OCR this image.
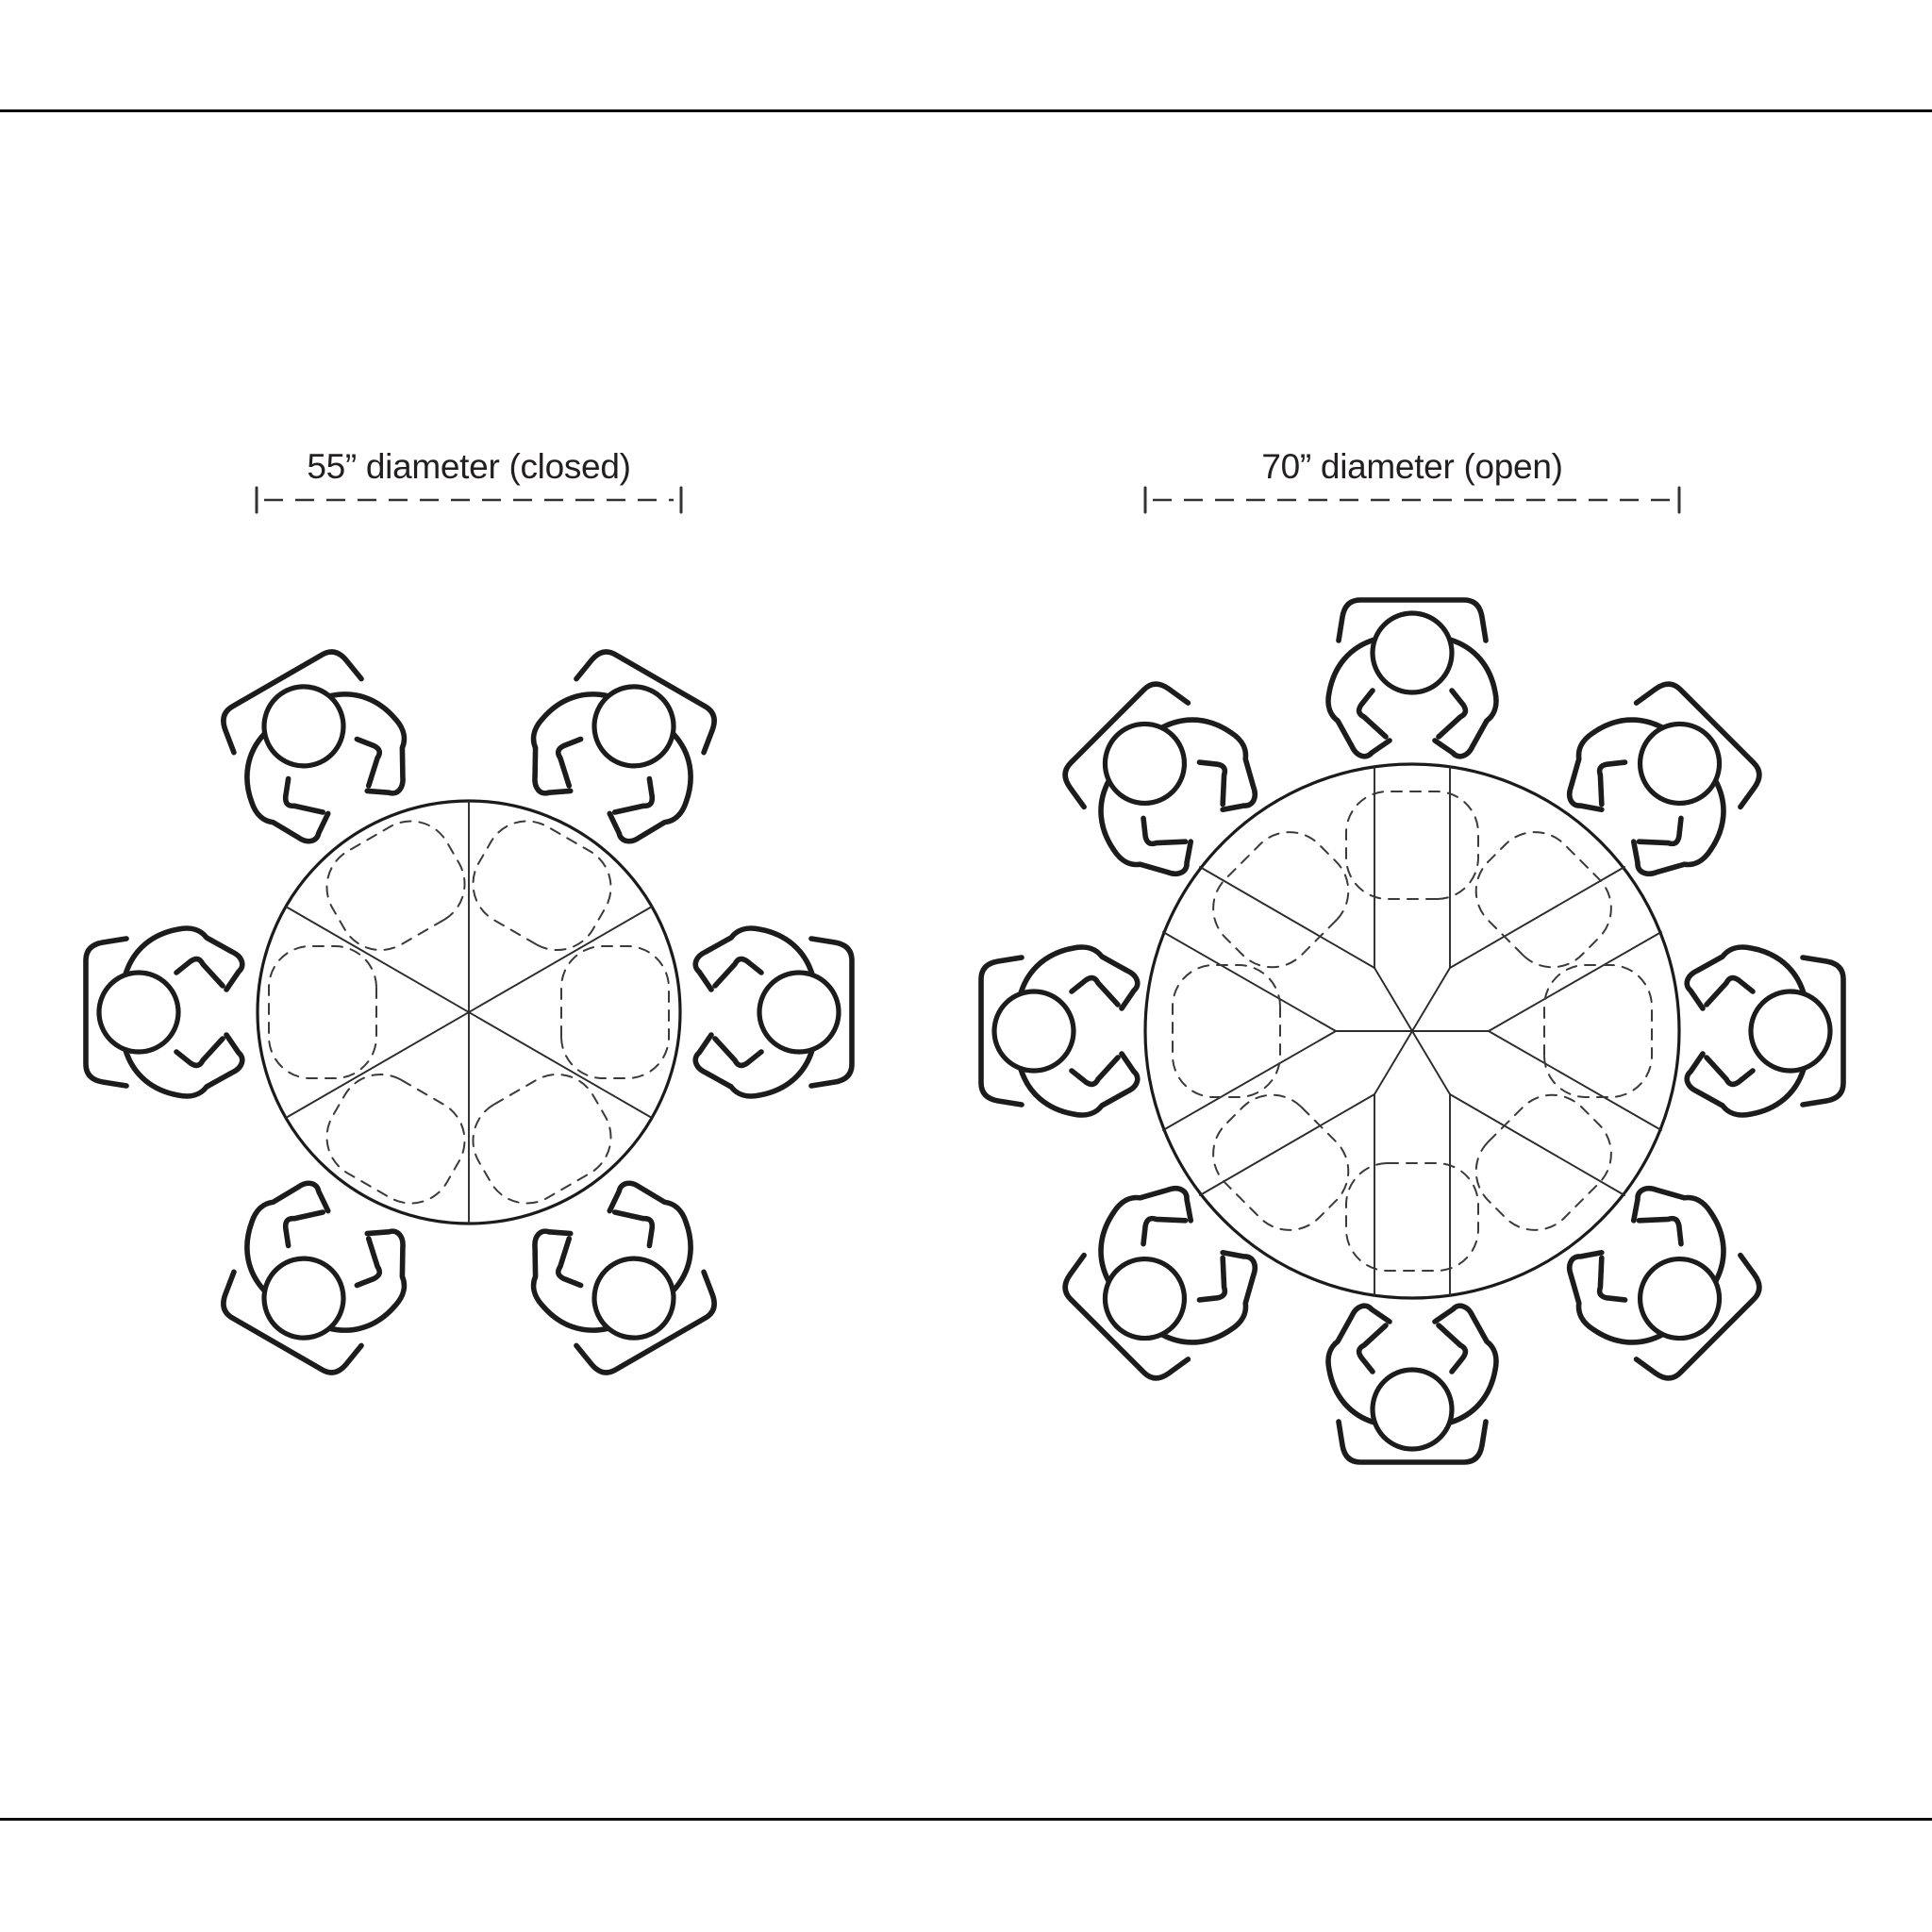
55” diameter (closed)	70” diameter (open)
